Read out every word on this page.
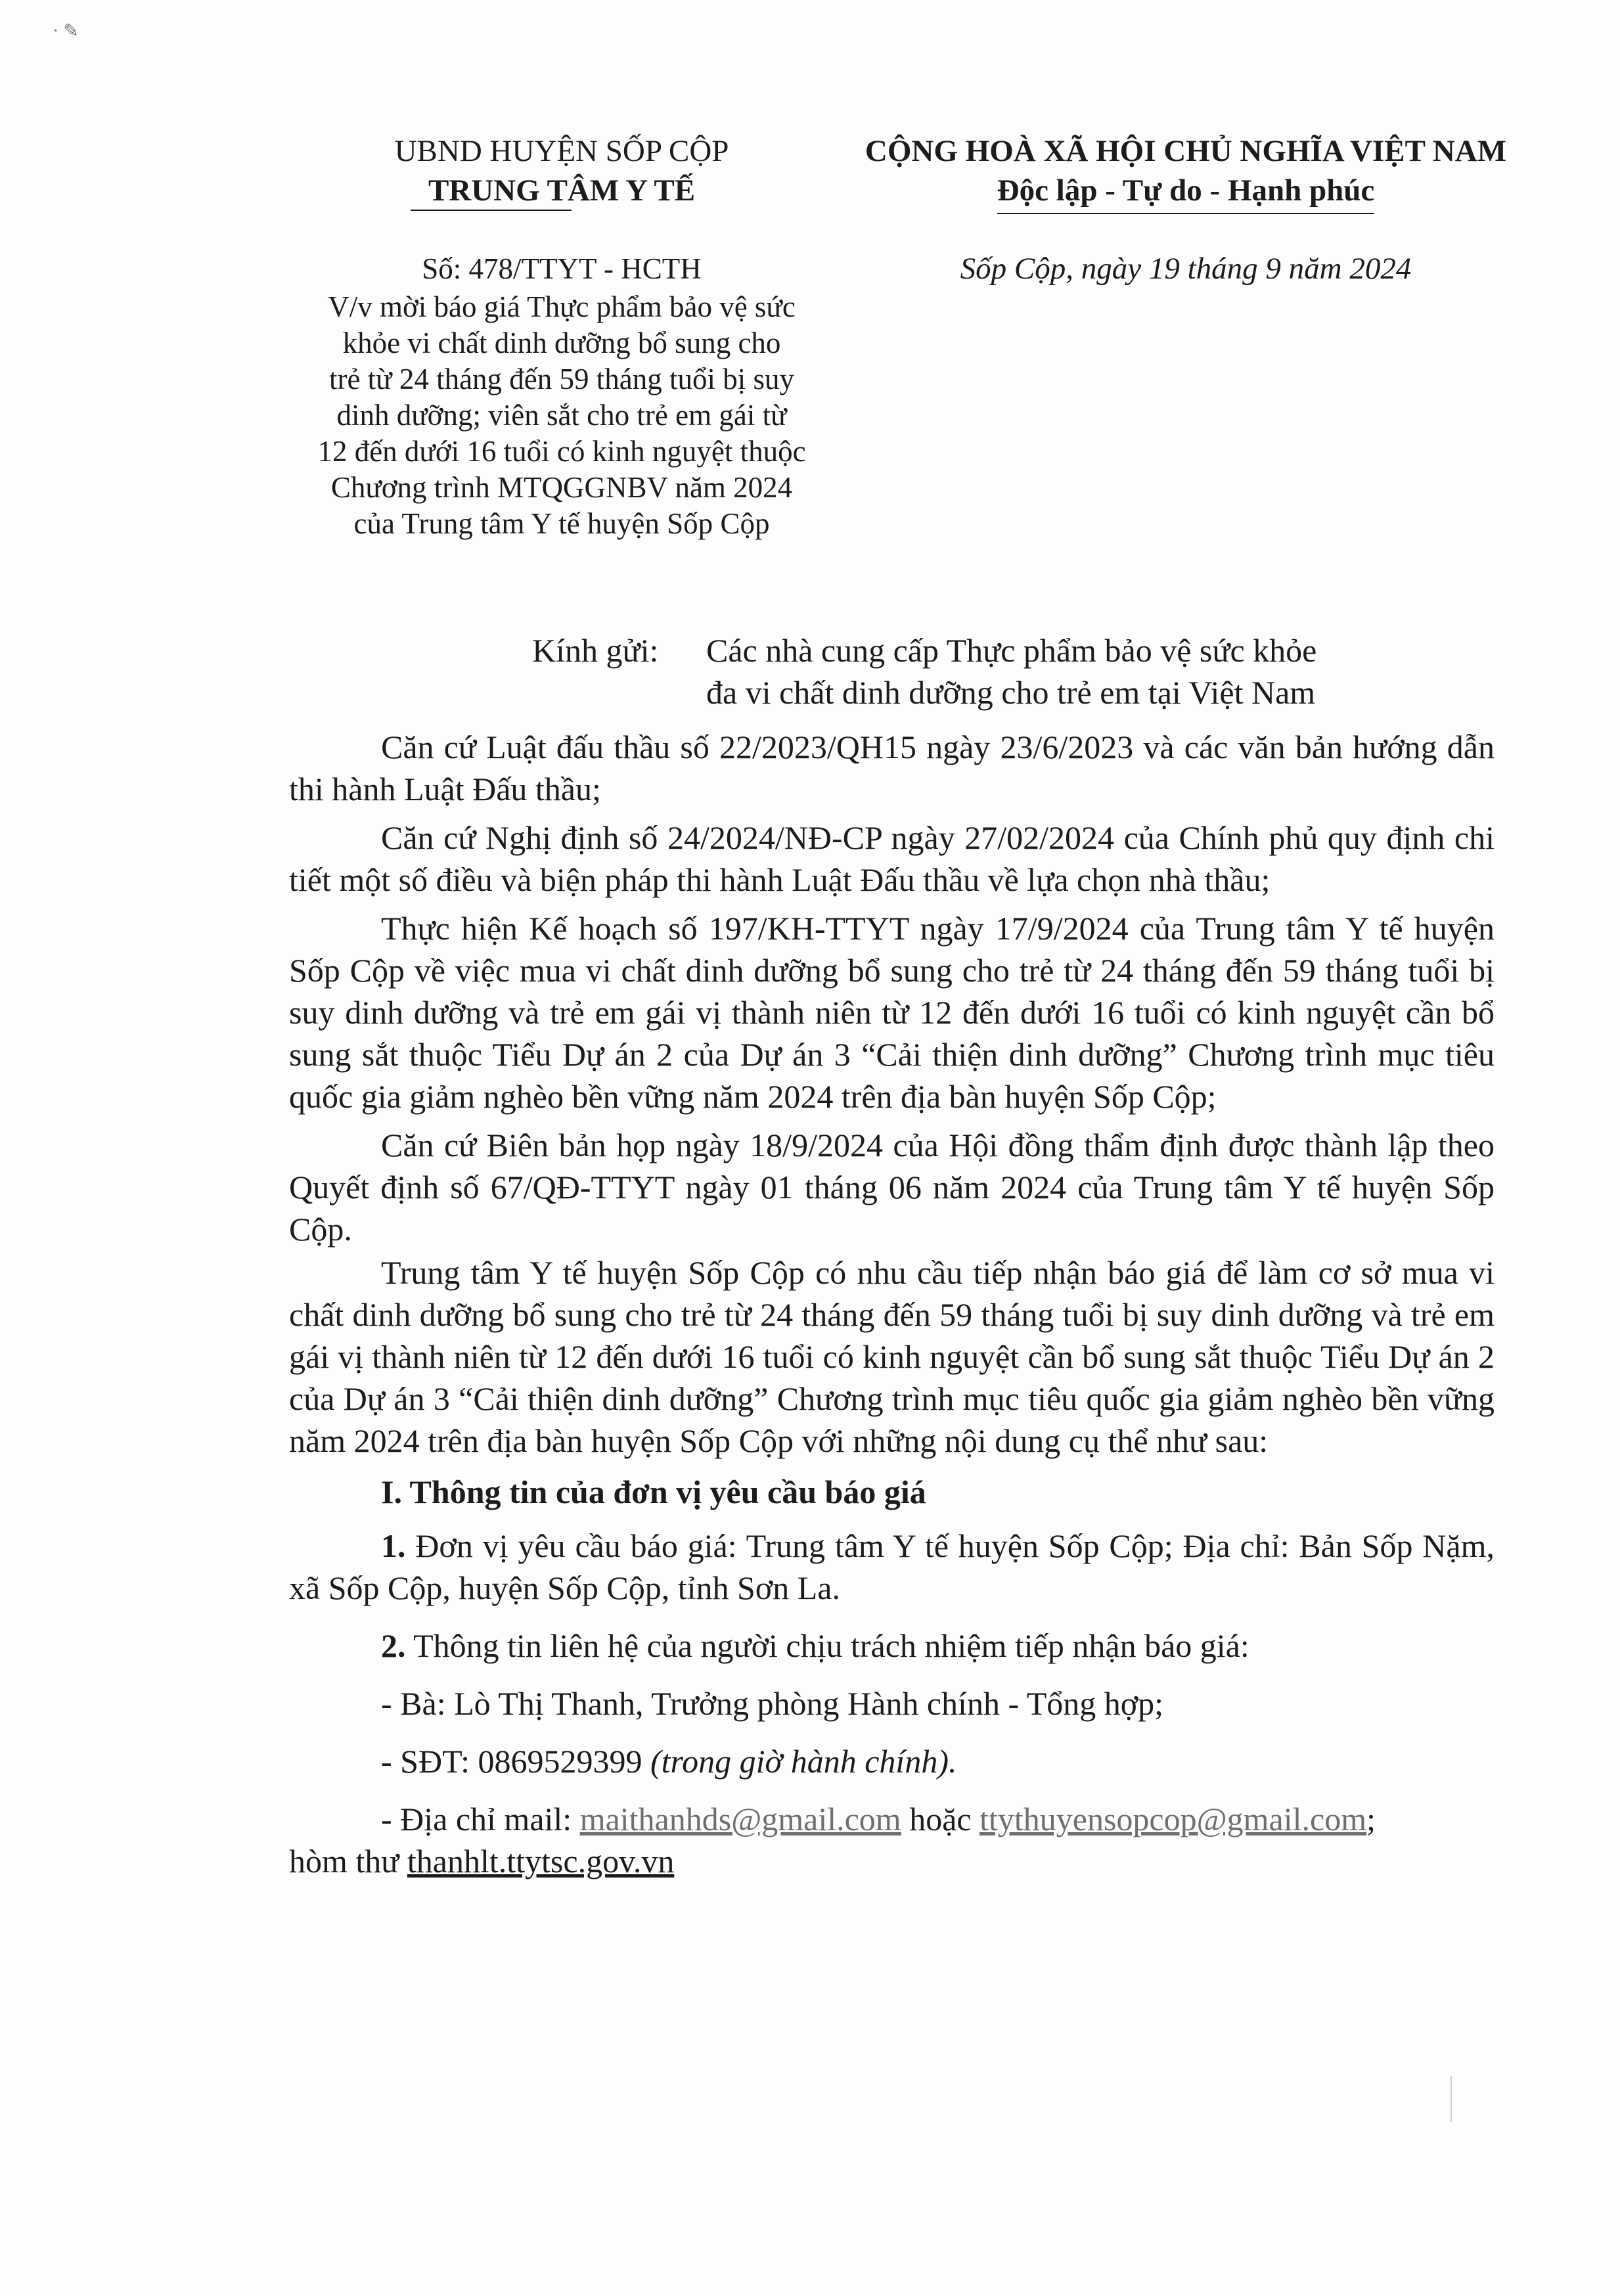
· ✎
UBND HUYỆN SỐP CỘP
TRUNG TÂM Y TẾ
CỘNG HOÀ XÃ HỘI CHỦ NGHĨA VIỆT NAM
Độc lập - Tự do - Hạnh phúc
Số: 478/TTYT - HCTH
V/v mời báo giá Thực phẩm bảo vệ sức
khỏe vi chất dinh dưỡng bổ sung cho
trẻ từ 24 tháng đến 59 tháng tuổi bị suy
dinh dưỡng; viên sắt cho trẻ em gái từ
12 đến dưới 16 tuổi có kinh nguyệt thuộc
Chương trình MTQGGNBV năm 2024
của Trung tâm Y tế huyện Sốp Cộp
Sốp Cộp, ngày 19 tháng 9 năm 2024
Kính gửi: Các nhà cung cấp Thực phẩm bảo vệ sức khỏe
đa vi chất dinh dưỡng cho trẻ em tại Việt Nam

Căn cứ Luật đấu thầu số 22/2023/QH15 ngày 23/6/2023 và các văn bản hướng dẫn thi hành Luật Đấu thầu;

Căn cứ Nghị định số 24/2024/NĐ-CP ngày 27/02/2024 của Chính phủ quy định chi tiết một số điều và biện pháp thi hành Luật Đấu thầu về lựa chọn nhà thầu;

Thực hiện Kế hoạch số 197/KH-TTYT ngày 17/9/2024 của Trung tâm Y tế huyện Sốp Cộp về việc mua vi chất dinh dưỡng bổ sung cho trẻ từ 24 tháng đến 59 tháng tuổi bị suy dinh dưỡng và trẻ em gái vị thành niên từ 12 đến dưới 16 tuổi có kinh nguyệt cần bổ sung sắt thuộc Tiểu Dự án 2 của Dự án 3 “Cải thiện dinh dưỡng” Chương trình mục tiêu quốc gia giảm nghèo bền vững năm 2024 trên địa bàn huyện Sốp Cộp;

Căn cứ Biên bản họp ngày 18/9/2024 của Hội đồng thẩm định được thành lập theo Quyết định số 67/QĐ-TTYT ngày 01 tháng 06 năm 2024 của Trung tâm Y tế huyện Sốp Cộp.

Trung tâm Y tế huyện Sốp Cộp có nhu cầu tiếp nhận báo giá để làm cơ sở mua vi chất dinh dưỡng bổ sung cho trẻ từ 24 tháng đến 59 tháng tuổi bị suy dinh dưỡng và trẻ em gái vị thành niên từ 12 đến dưới 16 tuổi có kinh nguyệt cần bổ sung sắt thuộc Tiểu Dự án 2 của Dự án 3 “Cải thiện dinh dưỡng” Chương trình mục tiêu quốc gia giảm nghèo bền vững năm 2024 trên địa bàn huyện Sốp Cộp với những nội dung cụ thể như sau:

I. Thông tin của đơn vị yêu cầu báo giá

1. Đơn vị yêu cầu báo giá: Trung tâm Y tế huyện Sốp Cộp; Địa chỉ: Bản Sốp Nặm, xã Sốp Cộp, huyện Sốp Cộp, tỉnh Sơn La.

2. Thông tin liên hệ của người chịu trách nhiệm tiếp nhận báo giá:

- Bà: Lò Thị Thanh, Trưởng phòng Hành chính - Tổng hợp;

- SĐT: 0869529399 (trong giờ hành chính).

- Địa chỉ mail: maithanhds@gmail.com hoặc ttythuyensopcop@gmail.com;

hòm thư thanhlt.ttytsc.gov.vn
